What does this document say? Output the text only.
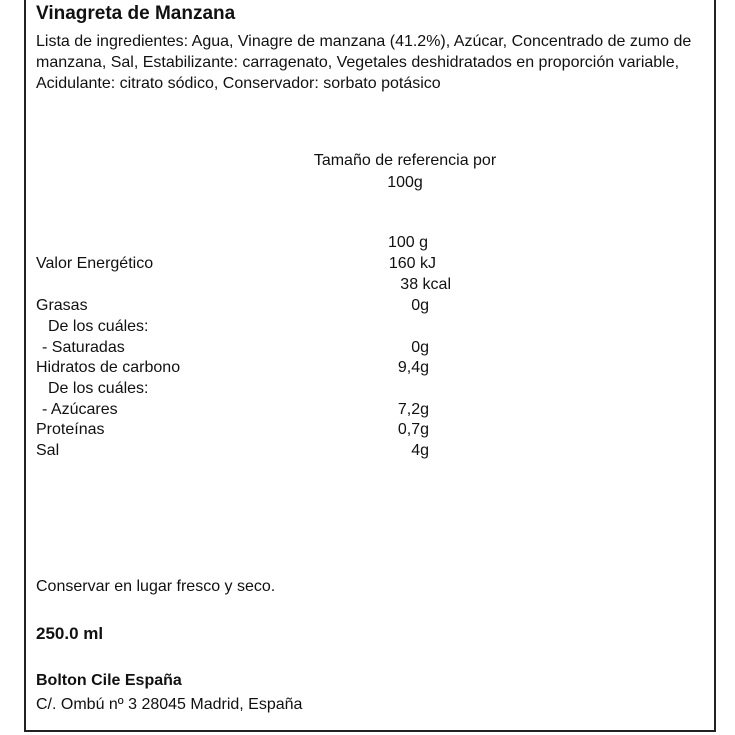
Vinagreta de Manzana
Lista de ingredientes: Agua, Vinagre de manzana (41.2%), Azúcar, Concentrado de zumo de manzana, Sal, Estabilizante: carragenato, Vegetales deshidratados en proporción variable, Acidulante: citrato sódico, Conservador: sorbato potásico
Tamaño de referencia por
100g
100 g
Valor Energético	160 kJ
38 kcal
Grasas	0g
De los cuáles:
- Saturadas	0g
Hidratos de carbono	9,4g
De los cuáles:
- Azúcares	7,2g
Proteínas	0,7g
Sal	4g
Conservar en lugar fresco y seco.
250.0 ml
Bolton Cile España
C/. Ombú nº 3 28045 Madrid, España
